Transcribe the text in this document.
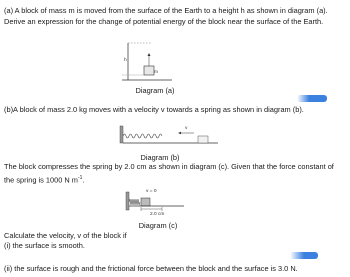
(a) A block of mass m is moved from the surface of the Earth to a height h as shown in diagram (a). Derive an expression for the change of potential energy of the block near the surface of the Earth.

h
m
Diagram (a)

(b)A block of mass 2.0 kg moves with a velocity v towards a spring as shown in diagram (b).

v
Diagram (b)

The block compresses the spring by 2.0 cm as shown in diagram (c). Given that the force constant of the spring is 1000 N $m^{-1}$.

v = 0
2.0 cm
Diagram (c)

Calculate the velocity, v of the block if

(i) the surface is smooth.

(ii) the surface is rough and the frictional force between the block and the surface is 3.0 N.
